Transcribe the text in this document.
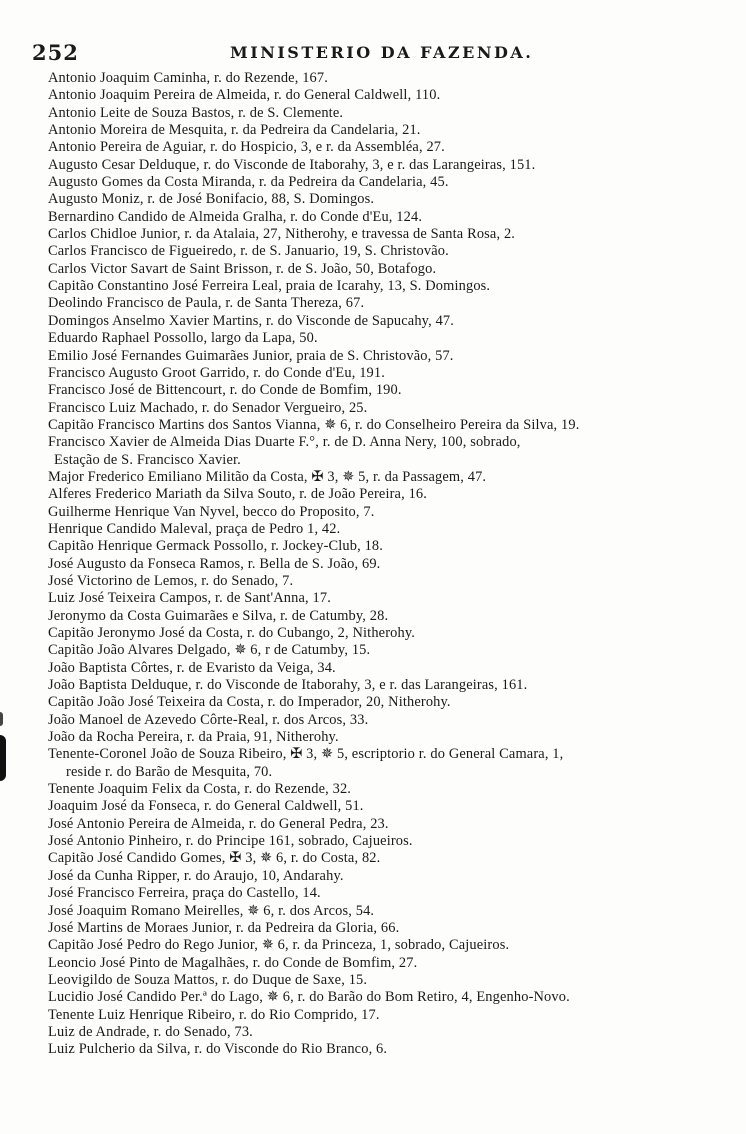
252	MINISTERIO DA FAZENDA.
Antonio Joaquim Caminha, r. do Rezende, 167.
Antonio Joaquim Pereira de Almeida, r. do General Caldwell, 110.
Antonio Leite de Souza Bastos, r. de S. Clemente.
Antonio Moreira de Mesquita, r. da Pedreira da Candelaria, 21.
Antonio Pereira de Aguiar, r. do Hospicio, 3, e r. da Assembléa, 27.
Augusto Cesar Delduque, r. do Visconde de Itaborahy, 3, e r. das Larangeiras, 151.
Augusto Gomes da Costa Miranda, r. da Pedreira da Candelaria, 45.
Augusto Moniz, r. de José Bonifacio, 88, S. Domingos.
Bernardino Candido de Almeida Gralha, r. do Conde d'Eu, 124.
Carlos Chidloe Junior, r. da Atalaia, 27, Nitherohy, e travessa de Santa Rosa, 2.
Carlos Francisco de Figueiredo, r. de S. Januario, 19, S. Christovão.
Carlos Victor Savart de Saint Brisson, r. de S. João, 50, Botafogo.
Capitão Constantino José Ferreira Leal, praia de Icarahy, 13, S. Domingos.
Deolindo Francisco de Paula, r. de Santa Thereza, 67.
Domingos Anselmo Xavier Martins, r. do Visconde de Sapucahy, 47.
Eduardo Raphael Possollo, largo da Lapa, 50.
Emilio José Fernandes Guimarães Junior, praia de S. Christovão, 57.
Francisco Augusto Groot Garrido, r. do Conde d'Eu, 191.
Francisco José de Bittencourt, r. do Conde de Bomfim, 190.
Francisco Luiz Machado, r. do Senador Vergueiro, 25.
Capitão Francisco Martins dos Santos Vianna, ✵ 6, r. do Conselheiro Pereira da Silva, 19.
Francisco Xavier de Almeida Dias Duarte F.°, r. de D. Anna Nery, 100, sobrado,
Estação de S. Francisco Xavier.
Major Frederico Emiliano Militão da Costa, ✠ 3, ✵ 5, r. da Passagem, 47.
Alferes Frederico Mariath da Silva Souto, r. de João Pereira, 16.
Guilherme Henrique Van Nyvel, becco do Proposito, 7.
Henrique Candido Maleval, praça de Pedro 1, 42.
Capitão Henrique Germack Possollo, r. Jockey-Club, 18.
José Augusto da Fonseca Ramos, r. Bella de S. João, 69.
José Victorino de Lemos, r. do Senado, 7.
Luiz José Teixeira Campos, r. de Sant'Anna, 17.
Jeronymo da Costa Guimarães e Silva, r. de Catumby, 28.
Capitão Jeronymo José da Costa, r. do Cubango, 2, Nitherohy.
Capitão João Alvares Delgado, ✵ 6, r de Catumby, 15.
João Baptista Côrtes, r. de Evaristo da Veiga, 34.
João Baptista Delduque, r. do Visconde de Itaborahy, 3, e r. das Larangeiras, 161.
Capitão João José Teixeira da Costa, r. do Imperador, 20, Nitherohy.
João Manoel de Azevedo Côrte-Real, r. dos Arcos, 33.
João da Rocha Pereira, r. da Praia, 91, Nitherohy.
Tenente-Coronel João de Souza Ribeiro, ✠ 3, ✵ 5, escriptorio r. do General Camara, 1,
reside r. do Barão de Mesquita, 70.
Tenente Joaquim Felix da Costa, r. do Rezende, 32.
Joaquim José da Fonseca, r. do General Caldwell, 51.
José Antonio Pereira de Almeida, r. do General Pedra, 23.
José Antonio Pinheiro, r. do Principe 161, sobrado, Cajueiros.
Capitão José Candido Gomes, ✠ 3, ✵ 6, r. do Costa, 82.
José da Cunha Ripper, r. do Araujo, 10, Andarahy.
José Francisco Ferreira, praça do Castello, 14.
José Joaquim Romano Meirelles, ✵ 6, r. dos Arcos, 54.
José Martins de Moraes Junior, r. da Pedreira da Gloria, 66.
Capitão José Pedro do Rego Junior, ✵ 6, r. da Princeza, 1, sobrado, Cajueiros.
Leoncio José Pinto de Magalhães, r. do Conde de Bomfim, 27.
Leovigildo de Souza Mattos, r. do Duque de Saxe, 15.
Lucidio José Candido Per.ª do Lago, ✵ 6, r. do Barão do Bom Retiro, 4, Engenho-Novo.
Tenente Luiz Henrique Ribeiro, r. do Rio Comprido, 17.
Luiz de Andrade, r. do Senado, 73.
Luiz Pulcherio da Silva, r. do Visconde do Rio Branco, 6.
